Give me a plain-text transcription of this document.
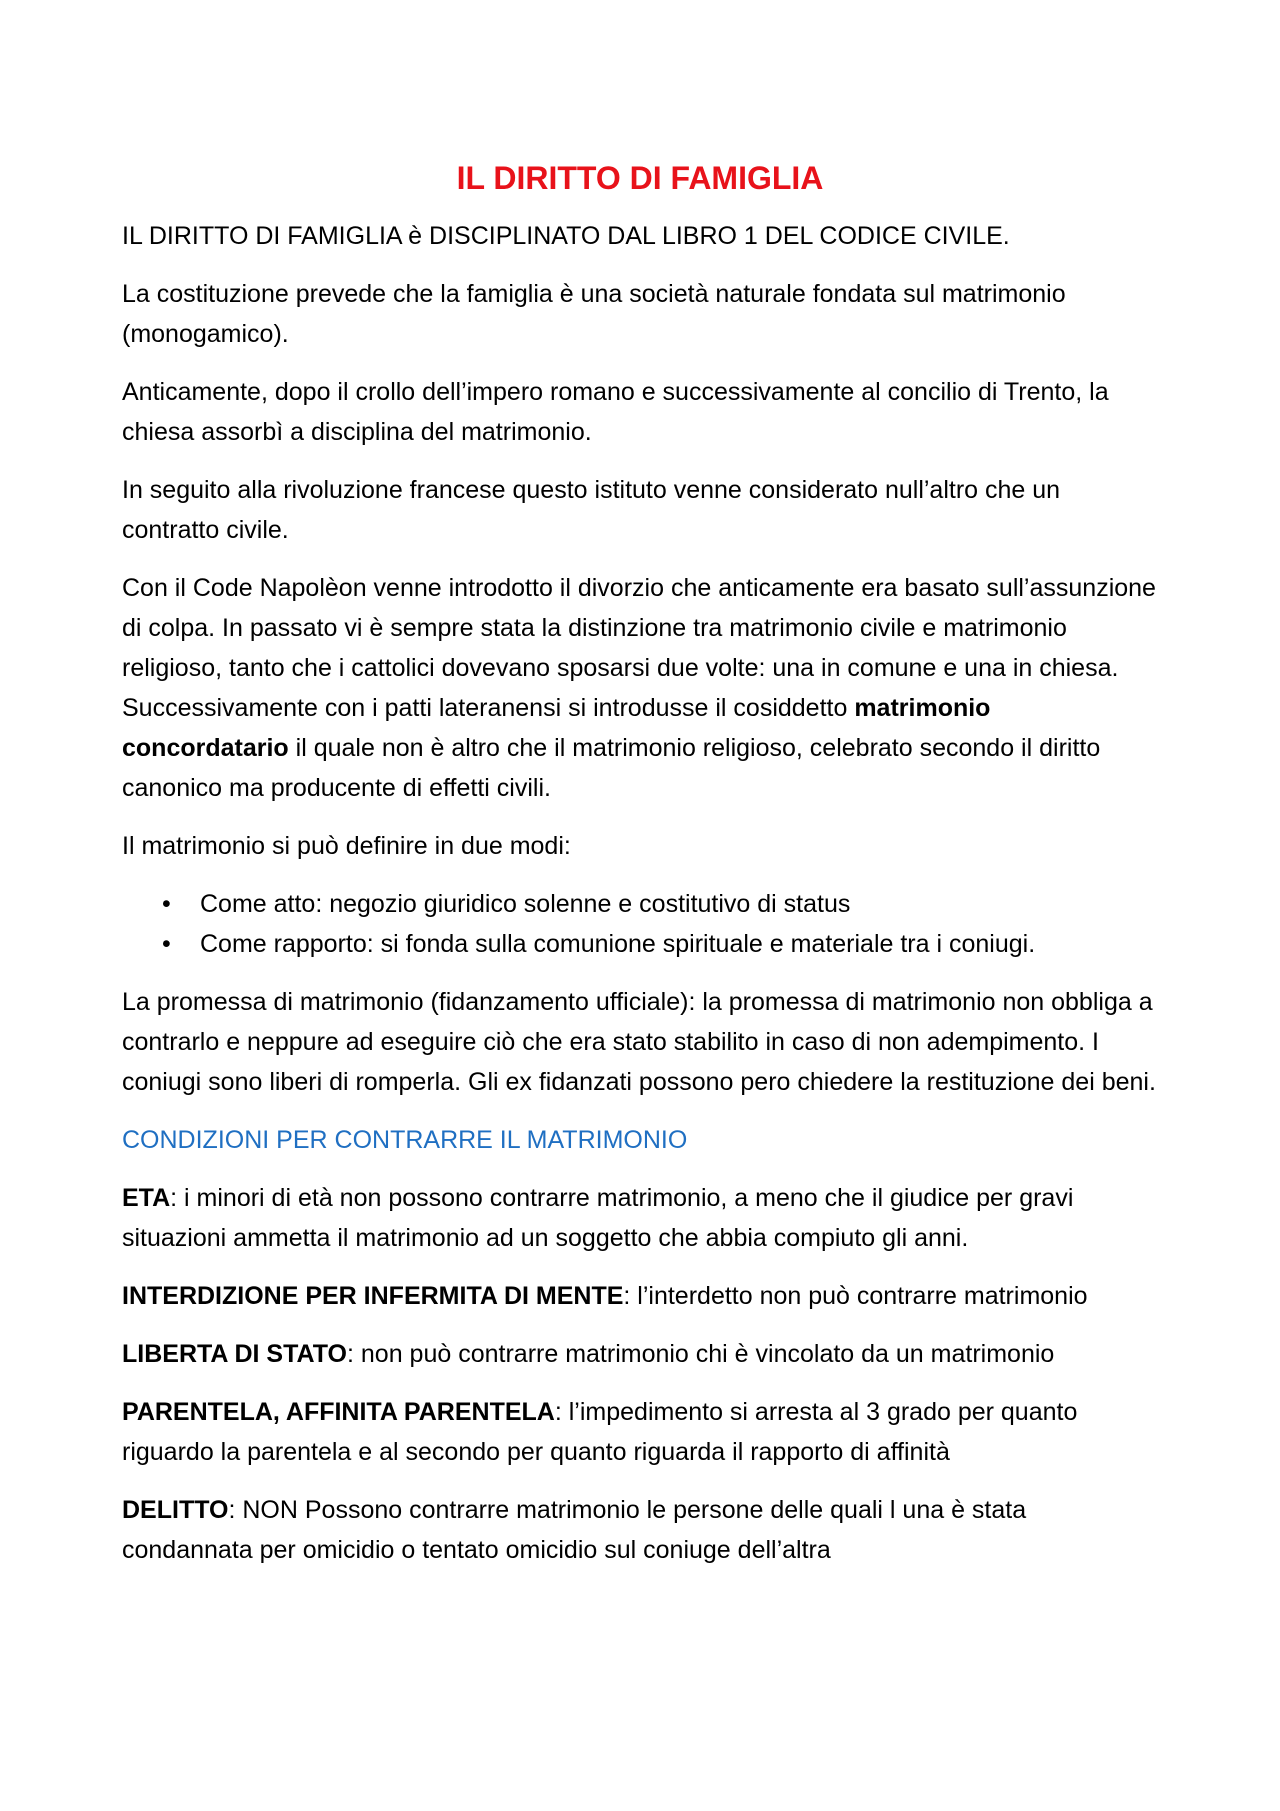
IL DIRITTO DI FAMIGLIA

IL DIRITTO DI FAMIGLIA è DISCIPLINATO DAL LIBRO 1 DEL CODICE CIVILE.

La costituzione prevede che la famiglia è una società naturale fondata sul matrimonio (monogamico).

Anticamente, dopo il crollo dell’impero romano e successivamente al concilio di Trento, la chiesa assorbì a disciplina del matrimonio.

In seguito alla rivoluzione francese questo istituto venne considerato null’altro che un contratto civile.

Con il Code Napolèon venne introdotto il divorzio che anticamente era basato sull’assunzione di colpa. In passato vi è sempre stata la distinzione tra matrimonio civile e matrimonio religioso, tanto che i cattolici dovevano sposarsi due volte: una in comune e una in chiesa. Successivamente con i patti lateranensi si introdusse il cosiddetto matrimonio concordatario il quale non è altro che il matrimonio religioso, celebrato secondo il diritto canonico ma producente di effetti civili.

Il matrimonio si può definire in due modi:

• Come atto: negozio giuridico solenne e costitutivo di status
• Come rapporto: si fonda sulla comunione spirituale e materiale tra i coniugi.

La promessa di matrimonio (fidanzamento ufficiale): la promessa di matrimonio non obbliga a contrarlo e neppure ad eseguire ciò che era stato stabilito in caso di non adempimento. I coniugi sono liberi di romperla. Gli ex fidanzati possono pero chiedere la restituzione dei beni.

CONDIZIONI PER CONTRARRE IL MATRIMONIO

ETA: i minori di età non possono contrarre matrimonio, a meno che il giudice per gravi situazioni ammetta il matrimonio ad un soggetto che abbia compiuto gli anni.

INTERDIZIONE PER INFERMITA DI MENTE: l’interdetto non può contrarre matrimonio

LIBERTA DI STATO: non può contrarre matrimonio chi è vincolato da un matrimonio

PARENTELA, AFFINITA PARENTELA: l’impedimento si arresta al 3 grado per quanto riguardo la parentela e al secondo per quanto riguarda il rapporto di affinità

DELITTO: NON Possono contrarre matrimonio le persone delle quali l una è stata condannata per omicidio o tentato omicidio sul coniuge dell’altra
